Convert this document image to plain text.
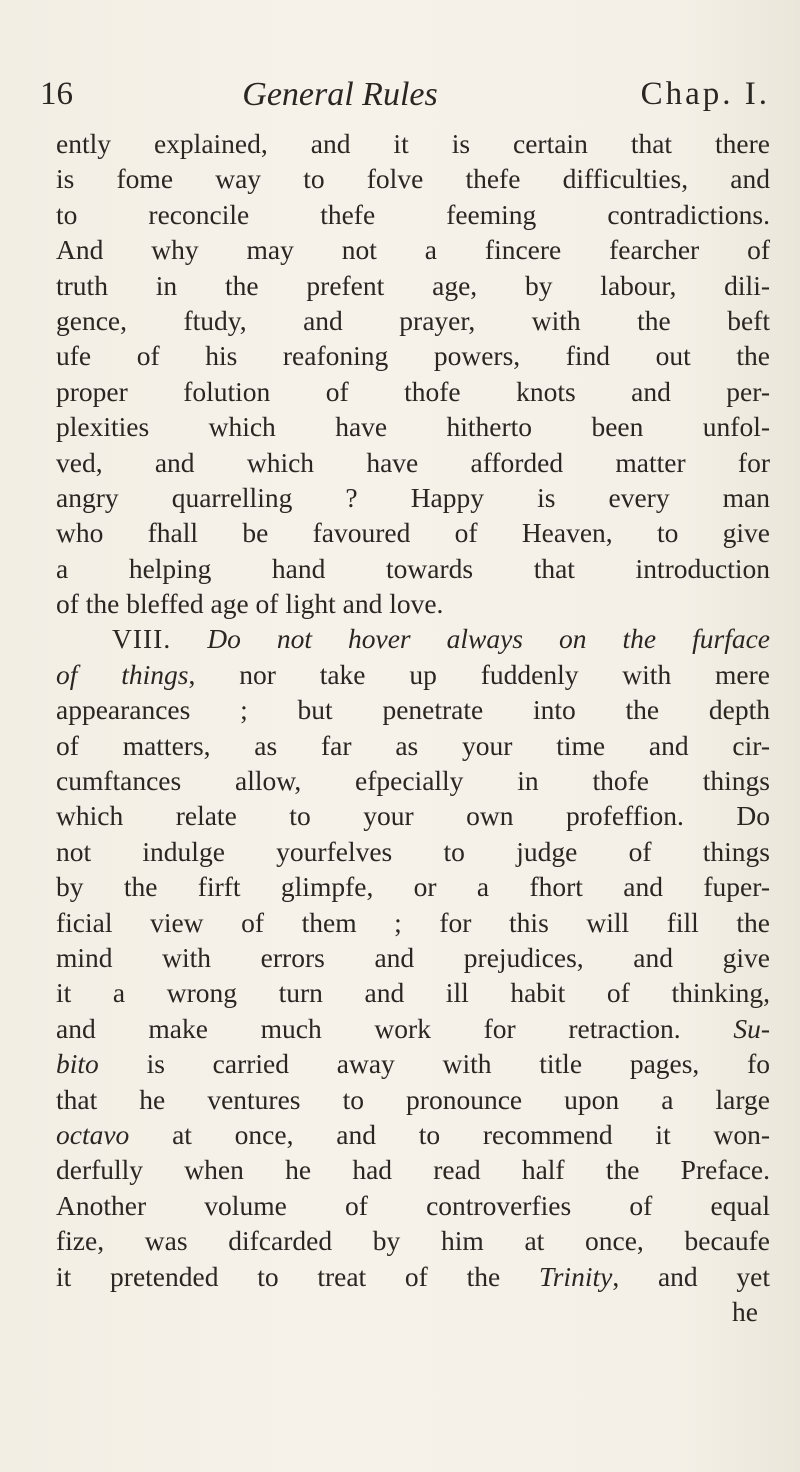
16	General Rules	Chap. I.
ently explained, and it is certain that there
is fome way to folve thefe difficulties, and
to reconcile thefe feeming contradictions.
And why may not a fincere fearcher of
truth in the prefent age, by labour, dili-
gence, ftudy, and prayer, with the beft
ufe of his reafoning powers, find out the
proper folution of thofe knots and per-
plexities which have hitherto been unfol-
ved, and which have afforded matter for
angry quarrelling ? Happy is every man
who fhall be favoured of Heaven, to give
a helping hand towards that introduction
of the bleffed age of light and love.
VIII. Do not hover always on the furface
of things, nor take up fuddenly with mere
appearances ; but penetrate into the depth
of matters, as far as your time and cir-
cumftances allow, efpecially in thofe things
which relate to your own profeffion. Do
not indulge yourfelves to judge of things
by the firft glimpfe, or a fhort and fuper-
ficial view of them ; for this will fill the
mind with errors and prejudices, and give
it a wrong turn and ill habit of thinking,
and make much work for retraction. Su-
bito is carried away with title pages, fo
that he ventures to pronounce upon a large
octavo at once, and to recommend it won-
derfully when he had read half the Preface.
Another volume of controverfies of equal
fize, was difcarded by him at once, becaufe
it pretended to treat of the Trinity, and yet
he
